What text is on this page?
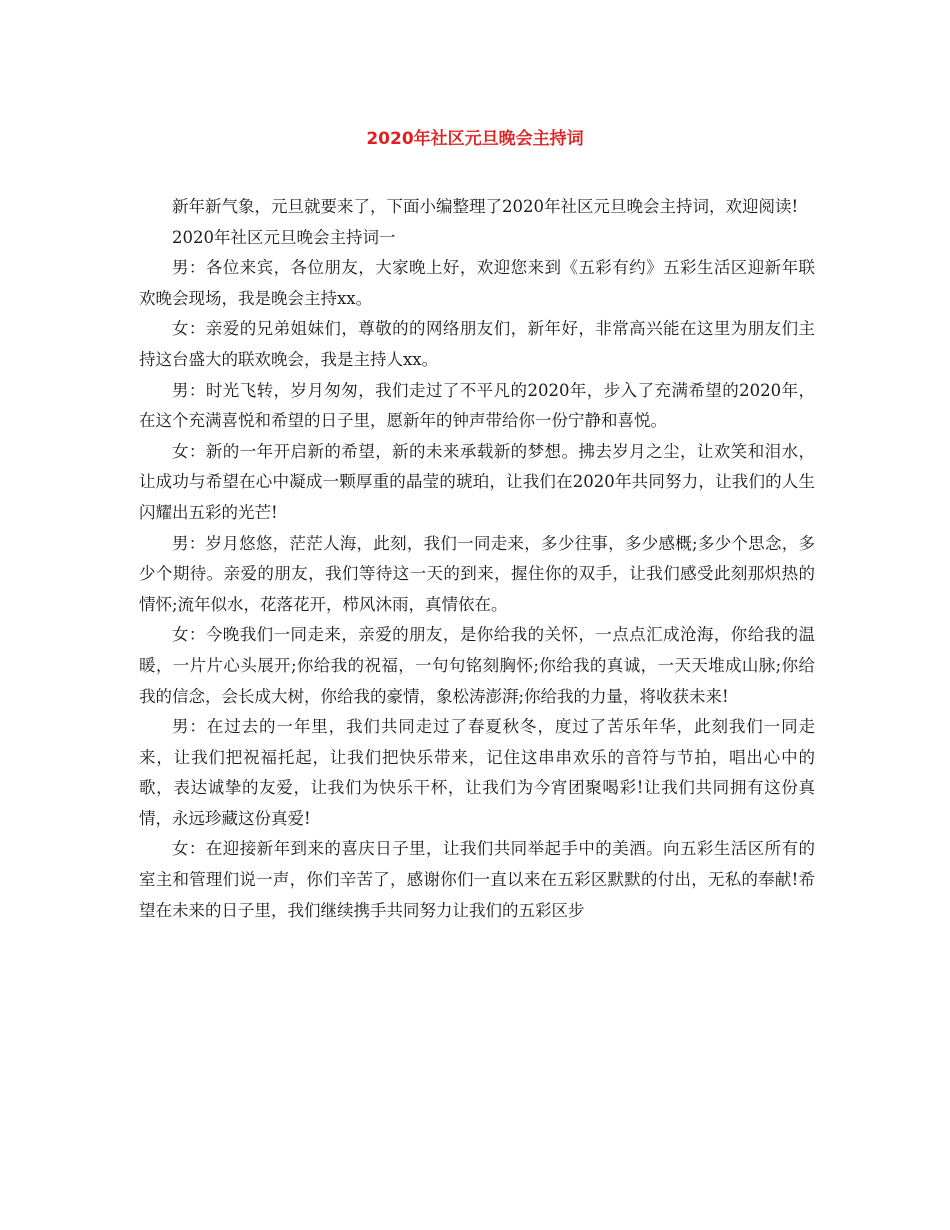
2020年社区元旦晚会主持词

新年新气象，元旦就要来了，下面小编整理了2020年社区元旦晚会主持词，欢迎阅读!

2020年社区元旦晚会主持词一

男：各位来宾，各位朋友，大家晚上好，欢迎您来到《五彩有约》五彩生活区迎新年联欢晚会现场，我是晚会主持xx。

女：亲爱的兄弟姐妹们，尊敬的的网络朋友们，新年好，非常高兴能在这里为朋友们主持这台盛大的联欢晚会，我是主持人xx。

男：时光飞转，岁月匆匆，我们走过了不平凡的2020年，步入了充满希望的2020年，在这个充满喜悦和希望的日子里，愿新年的钟声带给你一份宁静和喜悦。

女：新的一年开启新的希望，新的未来承载新的梦想。拂去岁月之尘，让欢笑和泪水，让成功与希望在心中凝成一颗厚重的晶莹的琥珀，让我们在2020年共同努力，让我们的人生闪耀出五彩的光芒!

男：岁月悠悠，茫茫人海，此刻，我们一同走来，多少往事，多少感概;多少个思念，多少个期待。亲爱的朋友，我们等待这一天的到来，握住你的双手，让我们感受此刻那炽热的情怀;流年似水，花落花开，栉风沐雨，真情依在。

女：今晚我们一同走来，亲爱的朋友，是你给我的关怀，一点点汇成沧海，你给我的温暖，一片片心头展开;你给我的祝福，一句句铭刻胸怀;你给我的真诚，一天天堆成山脉;你给我的信念，会长成大树，你给我的豪情，象松涛澎湃;你给我的力量，将收获未来!

男：在过去的一年里，我们共同走过了春夏秋冬，度过了苦乐年华，此刻我们一同走来，让我们把祝福托起，让我们把快乐带来，记住这串串欢乐的音符与节拍，唱出心中的歌，表达诚挚的友爱，让我们为快乐干杯，让我们为今宵团聚喝彩!让我们共同拥有这份真情，永远珍藏这份真爱!

女：在迎接新年到来的喜庆日子里，让我们共同举起手中的美酒。向五彩生活区所有的室主和管理们说一声，你们辛苦了，感谢你们一直以来在五彩区默默的付出，无私的奉献!希望在未来的日子里，我们继续携手共同努力让我们的五彩区步
